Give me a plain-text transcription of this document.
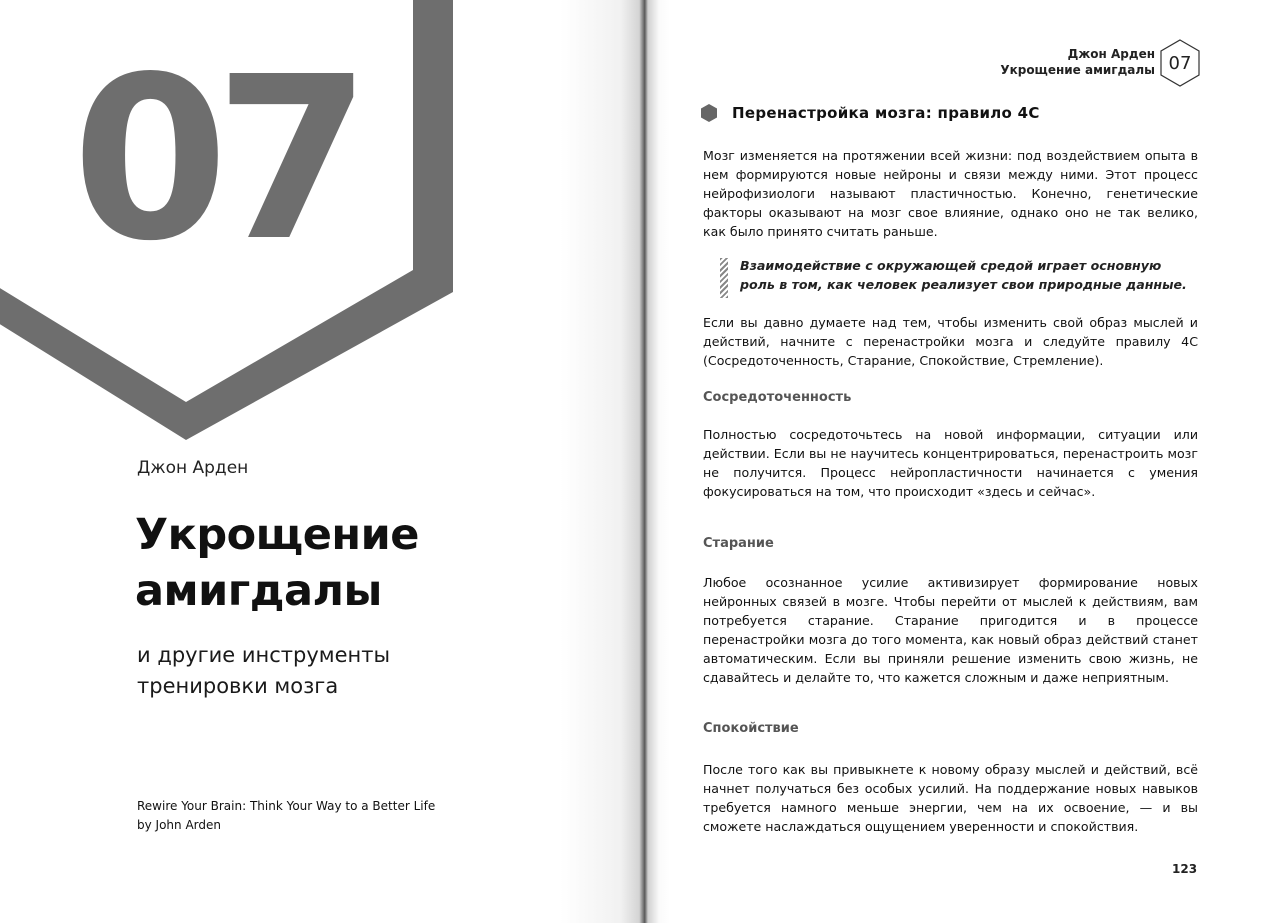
07
Джон Арден
Укрощение
амигдалы
и другие инструменты
тренировки мозга
Rewire Your Brain: Think Your Way to a Better Life
by John Arden
Джон Арден
Укрощение амигдалы 07
Перенастройка мозга: правило 4С
Мозг изменяется на протяжении всей жизни: под воздействием опыта в нем формируются новые нейроны и связи между ними. Этот процесс нейрофизиологи называют пластичностью. Конечно, генетические факторы оказывают на мозг свое влияние, однако оно не так велико, как было принято считать раньше.
Взаимодействие с окружающей средой играет основную роль в том, как человек реализует свои природные данные.
Если вы давно думаете над тем, чтобы изменить свой образ мыслей и действий, начните с перенастройки мозга и следуйте правилу 4С (Сосредоточенность, Старание, Спокойствие, Стремление).
Сосредоточенность
Полностью сосредоточьтесь на новой информации, ситуации или действии. Если вы не научитесь концентрироваться, перенастроить мозг не получится. Процесс нейропластичности начинается с умения фокусироваться на том, что происходит «здесь и сейчас».
Старание
Любое осознанное усилие активизирует формирование новых нейронных связей в мозге. Чтобы перейти от мыслей к действиям, вам потребуется старание. Старание пригодится и в процессе перенастройки мозга до того момента, как новый образ действий станет автоматическим. Если вы приняли решение изменить свою жизнь, не сдавайтесь и делайте то, что кажется сложным и даже неприятным.
Спокойствие
После того как вы привыкнете к новому образу мыслей и действий, всё начнет получаться без особых усилий. На поддержание новых навыков требуется намного меньше энергии, чем на их освоение, — и вы сможете наслаждаться ощущением уверенности и спокойствия.
123
